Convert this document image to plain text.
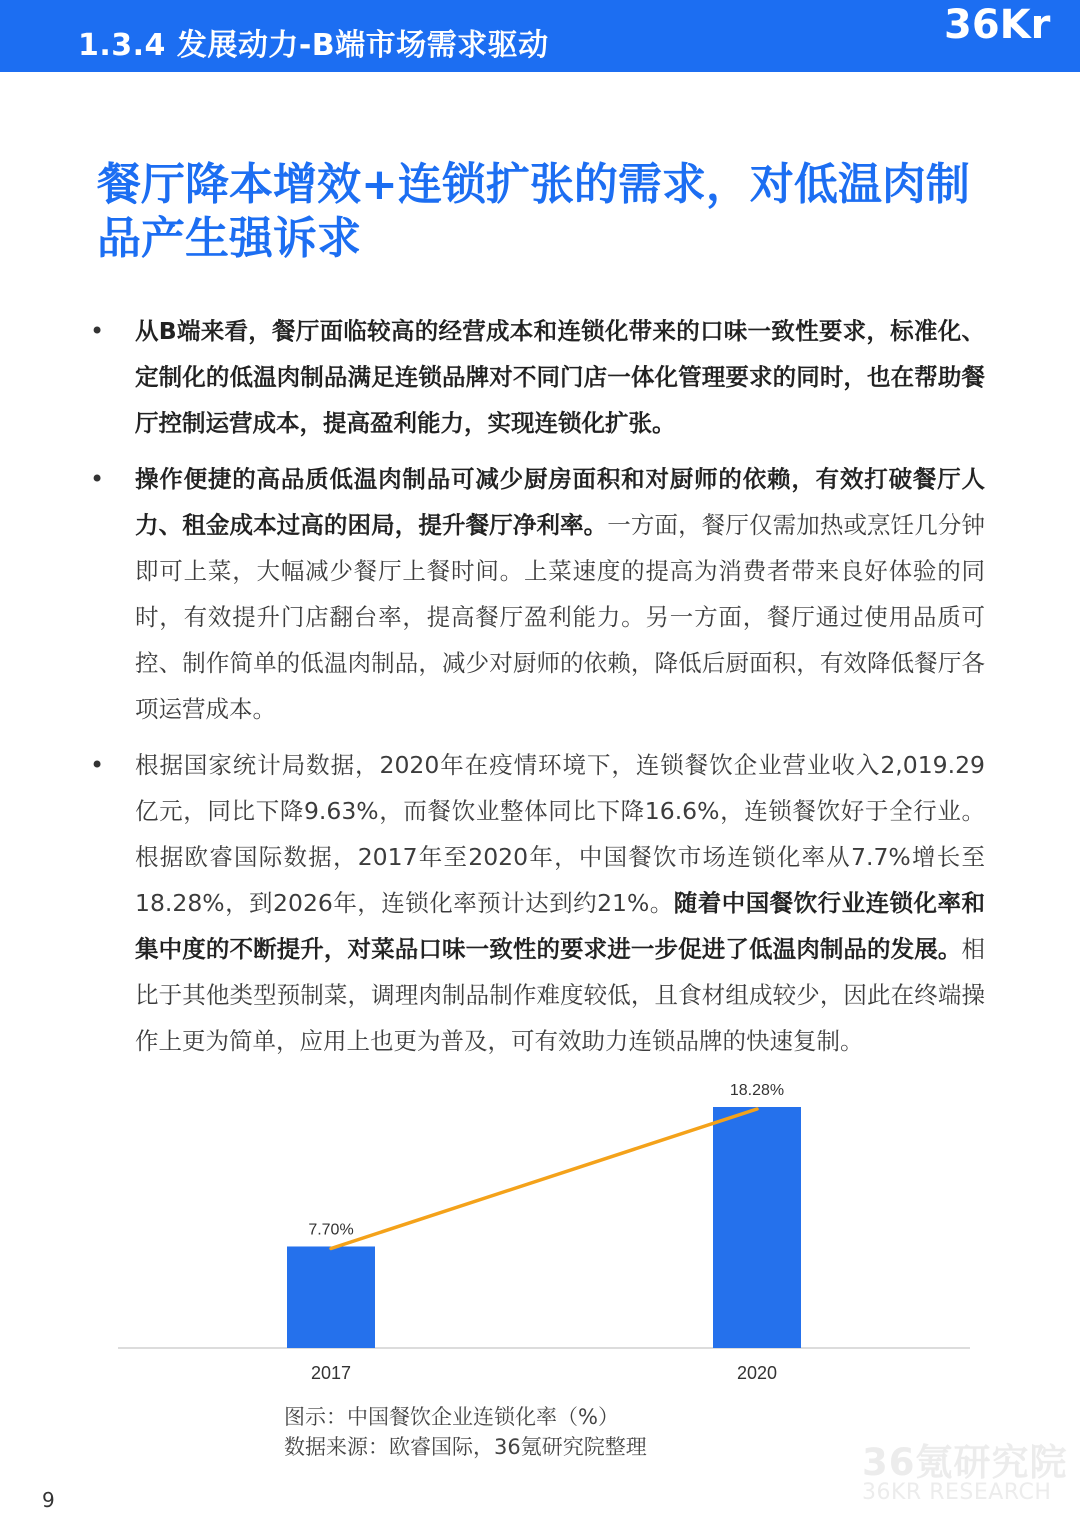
1.3.4 发展动力-B端市场需求驱动	36Kr
餐厅降本增效+连锁扩张的需求，对低温肉制
品产生强诉求
• 从B端来看，餐厅面临较高的经营成本和连锁化带来的口味一致性要求，标准化、定制化的低温肉制品满足连锁品牌对不同门店一体化管理要求的同时，也在帮助餐厅控制运营成本，提高盈利能力，实现连锁化扩张。
• 操作便捷的高品质低温肉制品可减少厨房面积和对厨师的依赖，有效打破餐厅人力、租金成本过高的困局，提升餐厅净利率。一方面，餐厅仅需加热或烹饪几分钟即可上菜，大幅减少餐厅上餐时间。上菜速度的提高为消费者带来良好体验的同时，有效提升门店翻台率，提高餐厅盈利能力。另一方面，餐厅通过使用品质可控、制作简单的低温肉制品，减少对厨师的依赖，降低后厨面积，有效降低餐厅各项运营成本。
• 根据国家统计局数据，2020年在疫情环境下，连锁餐饮企业营业收入2,019.29 亿元，同比下降9.63%，而餐饮业整体同比下降16.6%，连锁餐饮好于全行业。根据欧睿国际数据，2017年至2020年，中国餐饮市场连锁化率从7.7%增长至18.28%，到2026年，连锁化率预计达到约21%。随着中国餐饮行业连锁化率和集中度的不断提升，对菜品口味一致性的要求进一步促进了低温肉制品的发展。相比于其他类型预制菜，调理肉制品制作难度较低，且食材组成较少，因此在终端操作上更为简单，应用上也更为普及，可有效助力连锁品牌的快速复制。
7.70%
2017
18.28%
2020
图示：中国餐饮企业连锁化率（%）
数据来源：欧睿国际，36氪研究院整理	36氪研究院
36KR RESEARCH
9
